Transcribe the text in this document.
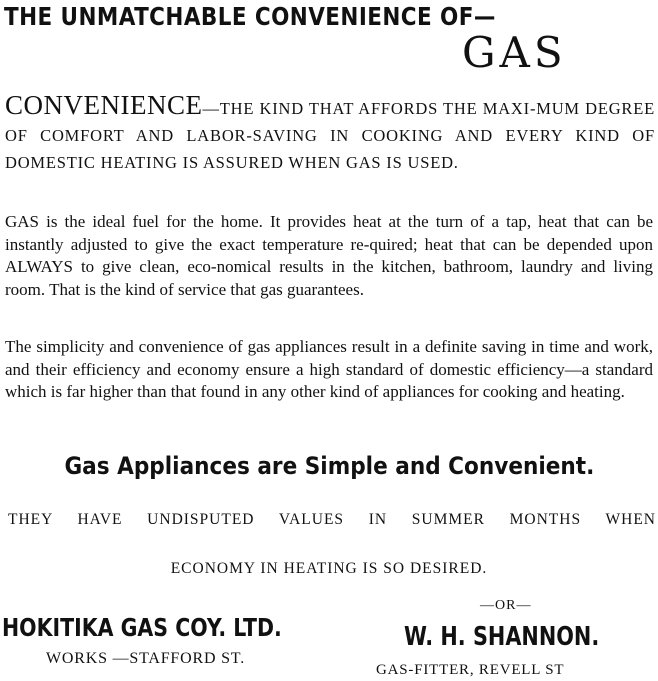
THE UNMATCHABLE CONVENIENCE OF—
GAS
CONVENIENCE—THE KIND THAT AFFORDS THE MAXI-MUM DEGREE OF COMFORT AND LABOR-SAVING IN COOKING AND EVERY KIND OF DOMESTIC HEATING IS ASSURED WHEN GAS IS USED.
GAS is the ideal fuel for the home. It provides heat at the turn of a tap, heat that can be instantly adjusted to give the exact temperature re-quired; heat that can be depended upon ALWAYS to give clean, eco-nomical results in the kitchen, bathroom, laundry and living room. That is the kind of service that gas guarantees.
The simplicity and convenience of gas appliances result in a definite saving in time and work, and their efficiency and economy ensure a high standard of domestic efficiency—a standard which is far higher than that found in any other kind of appliances for cooking and heating.
Gas Appliances are Simple and Convenient.
THEY HAVE UNDISPUTED VALUES IN SUMMER MONTHS WHEN
ECONOMY IN HEATING IS SO DESIRED.
HOKITIKA GAS COY. LTD.
WORKS —STAFFORD ST.
—OR—
W. H. SHANNON.
GAS-FITTER, REVELL ST
